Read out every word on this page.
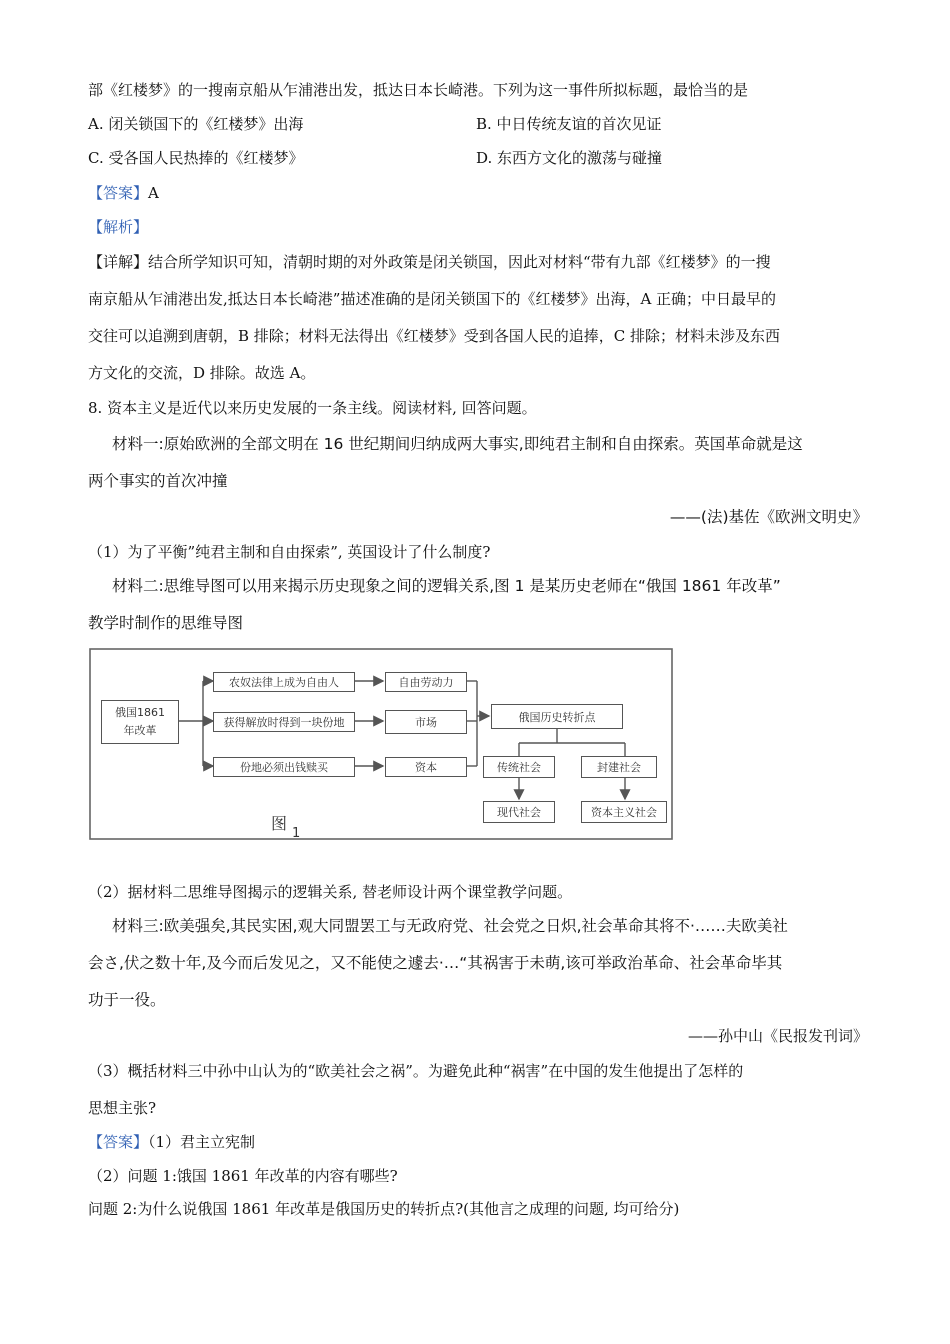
部《红楼梦》的一搜南京船从乍浦港出发，抵达日本长崎港。下列为这一事件所拟标题，最恰当的是
A. 闭关锁国下的《红楼梦》出海	B. 中日传统友谊的首次见证
C. 受各国人民热捧的《红楼梦》	D. 东西方文化的激荡与碰撞
【答案】A
【解析】
【详解】结合所学知识可知，清朝时期的对外政策是闭关锁国，因此对材料“带有九部《红楼梦》的一搜
南京船从乍浦港出发,抵达日本长崎港”描述准确的是闭关锁国下的《红楼梦》出海，A 正确；中日最早的
交往可以追溯到唐朝，B 排除；材料无法得出《红楼梦》受到各国人民的追捧，C 排除；材料未涉及东西
方文化的交流，D 排除。故选 A。
8. 资本主义是近代以来历史发展的一条主线。阅读材料, 回答问题。
材料一:原始欧洲的全部文明在 16 世纪期间归纳成两大事实,即纯君主制和自由探索。英国革命就是这
两个事实的首次冲撞
——(法)基佐《欧洲文明史》
（1）为了平衡”纯君主制和自由探索”, 英国设计了什么制度?
材料二:思维导图可以用来揭示历史现象之间的逻辑关系,图 1 是某历史老师在“俄国 1861 年改革”
教学时制作的思维导图
俄国1861
年改革
农奴法律上成为自由人
获得解放时得到一块份地
份地必须出钱赎买
自由劳动力
市场
资本
俄国历史转折点
传统社会	封建社会
现代社会	资本主义社会
图
1
（2）据材料二思维导图揭示的逻辑关系, 替老师设计两个课堂教学问题。
材料三:欧美强矣,其民实困,观大同盟罢工与无政府党、社会党之日炽,社会革命其将不·……夫欧美社
会さ,伏之数十年,及今而后发见之，又不能使之遽去·…“其祸害于未萌,该可举政治革命、社会革命毕其
功于一役。
——孙中山《民报发刊词》
（3）概括材料三中孙中山认为的“欧美社会之祸”。为避免此种“祸害”在中国的发生他提出了怎样的
思想主张?
【答案】（1）君主立宪制
（2）问题 1:饿国 1861 年改革的内容有哪些?
问题 2:为什么说俄国 1861 年改革是俄国历史的转折点?(其他言之成理的问题, 均可给分)
